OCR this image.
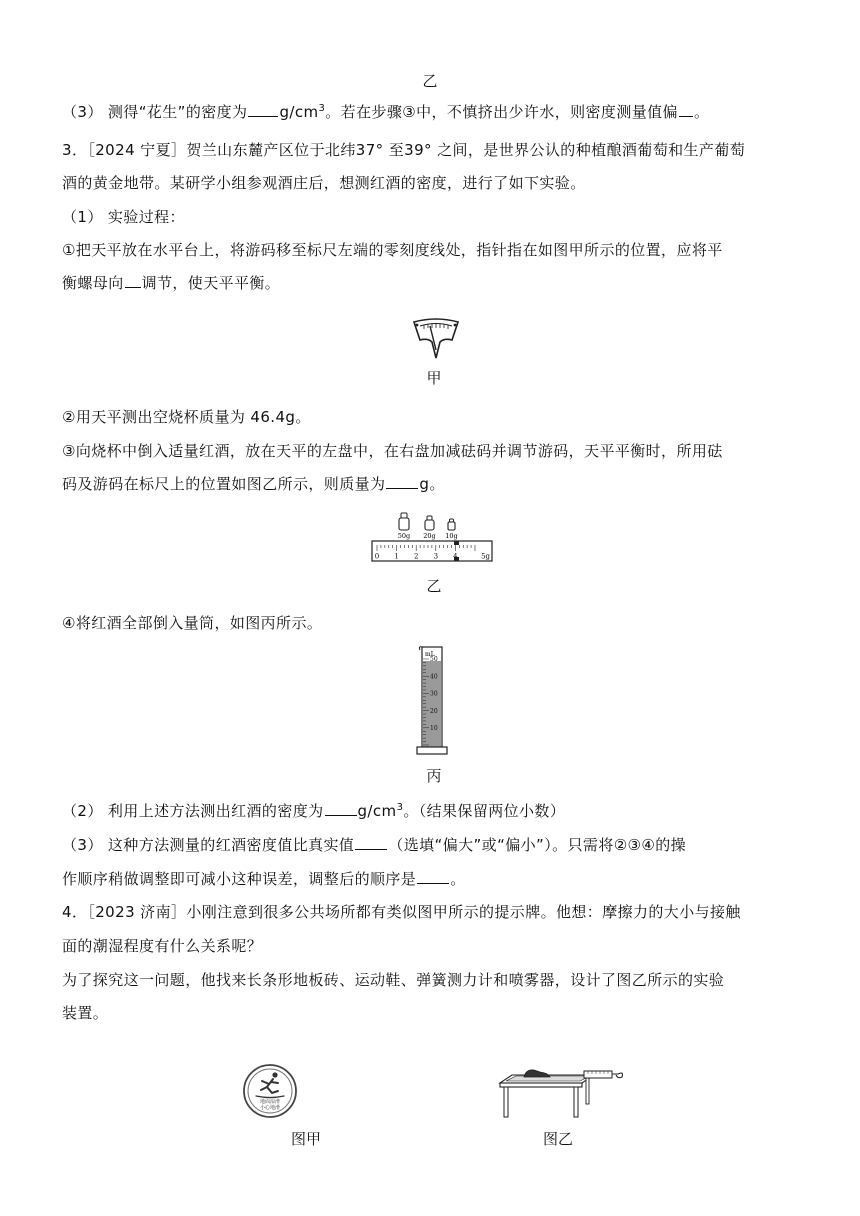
乙
（3） 测得“花生”的密度为 $g/cm^3$。若在步骤③中，不慎挤出少许水，则密度测量值偏 。
3．［2024 宁夏］贺兰山东麓产区位于北纬37° 至39° 之间，是世界公认的种植酿酒葡萄和生产葡萄
酒的黄金地带。某研学小组参观酒庄后，想测红酒的密度，进行了如下实验。
（1） 实验过程：
①把天平放在水平台上，将游码移至标尺左端的零刻度线处，指针指在如图甲所示的位置，应将平
衡螺母向 调节，使天平平衡。
甲
②用天平测出空烧杯质量为 46.4g。
③向烧杯中倒入适量红酒，放在天平的左盘中，在右盘加减砝码并调节游码，天平平衡时，所用砝
码及游码在标尺上的位置如图乙所示，则质量为 g。
50g 20g 10g
0 1 2 3 4	5g
乙
④将红酒全部倒入量筒，如图丙所示。
mL
50
40
30
20
10
丙
（2） 利用上述方法测出红酒的密度为 $g/cm^3$。（结果保留两位小数）
（3） 这种方法测量的红酒密度值比真实值 （选填“偏大”或“偏小”）。只需将②③④的操
作顺序稍做调整即可减小这种误差，调整后的顺序是 。
4．［2023 济南］小刚注意到很多公共场所都有类似图甲所示的提示牌。他想：摩擦力的大小与接触
面的潮湿程度有什么关系呢？
为了探究这一问题，他找来长条形地板砖、运动鞋、弹簧测力计和喷雾器，设计了图乙所示的实验
装置。
地面湿滑
小心地滑
图甲	图乙
